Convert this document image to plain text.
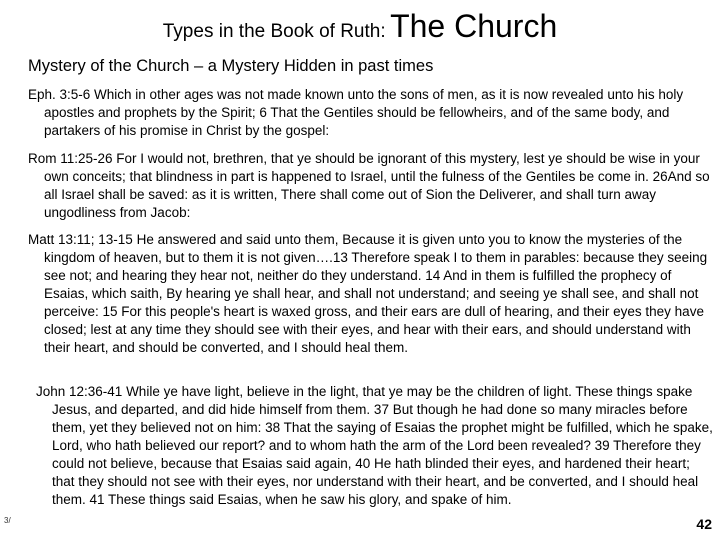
Types in the Book of Ruth: The Church
Mystery of the Church – a Mystery Hidden in past times

Eph. 3:5-6 Which in other ages was not made known unto the sons of men, as it is now revealed unto his holy apostles and prophets by the Spirit; 6 That the Gentiles should be fellowheirs, and of the same body, and partakers of his promise in Christ by the gospel:

Rom 11:25-26 For I would not, brethren, that ye should be ignorant of this mystery, lest ye should be wise in your own conceits; that blindness in part is happened to Israel, until the fulness of the Gentiles be come in. 26And so all Israel shall be saved: as it is written, There shall come out of Sion the Deliverer, and shall turn away ungodliness from Jacob:

Matt 13:11; 13-15 He answered and said unto them, Because it is given unto you to know the mysteries of the kingdom of heaven, but to them it is not given….13 Therefore speak I to them in parables: because they seeing see not; and hearing they hear not, neither do they understand. 14 And in them is fulfilled the prophecy of Esaias, which saith, By hearing ye shall hear, and shall not understand; and seeing ye shall see, and shall not perceive: 15 For this people's heart is waxed gross, and their ears are dull of hearing, and their eyes they have closed; lest at any time they should see with their eyes, and hear with their ears, and should understand with their heart, and should be converted, and I should heal them.

John 12:36-41 While ye have light, believe in the light, that ye may be the children of light. These things spake Jesus, and departed, and did hide himself from them. 37 But though he had done so many miracles before them, yet they believed not on him: 38 That the saying of Esaias the prophet might be fulfilled, which he spake, Lord, who hath believed our report? and to whom hath the arm of the Lord been revealed? 39 Therefore they could not believe, because that Esaias said again, 40 He hath blinded their eyes, and hardened their heart; that they should not see with their eyes, nor understand with their heart, and be converted, and I should heal them. 41 These things said Esaias, when he saw his glory, and spake of him.

3/	42
